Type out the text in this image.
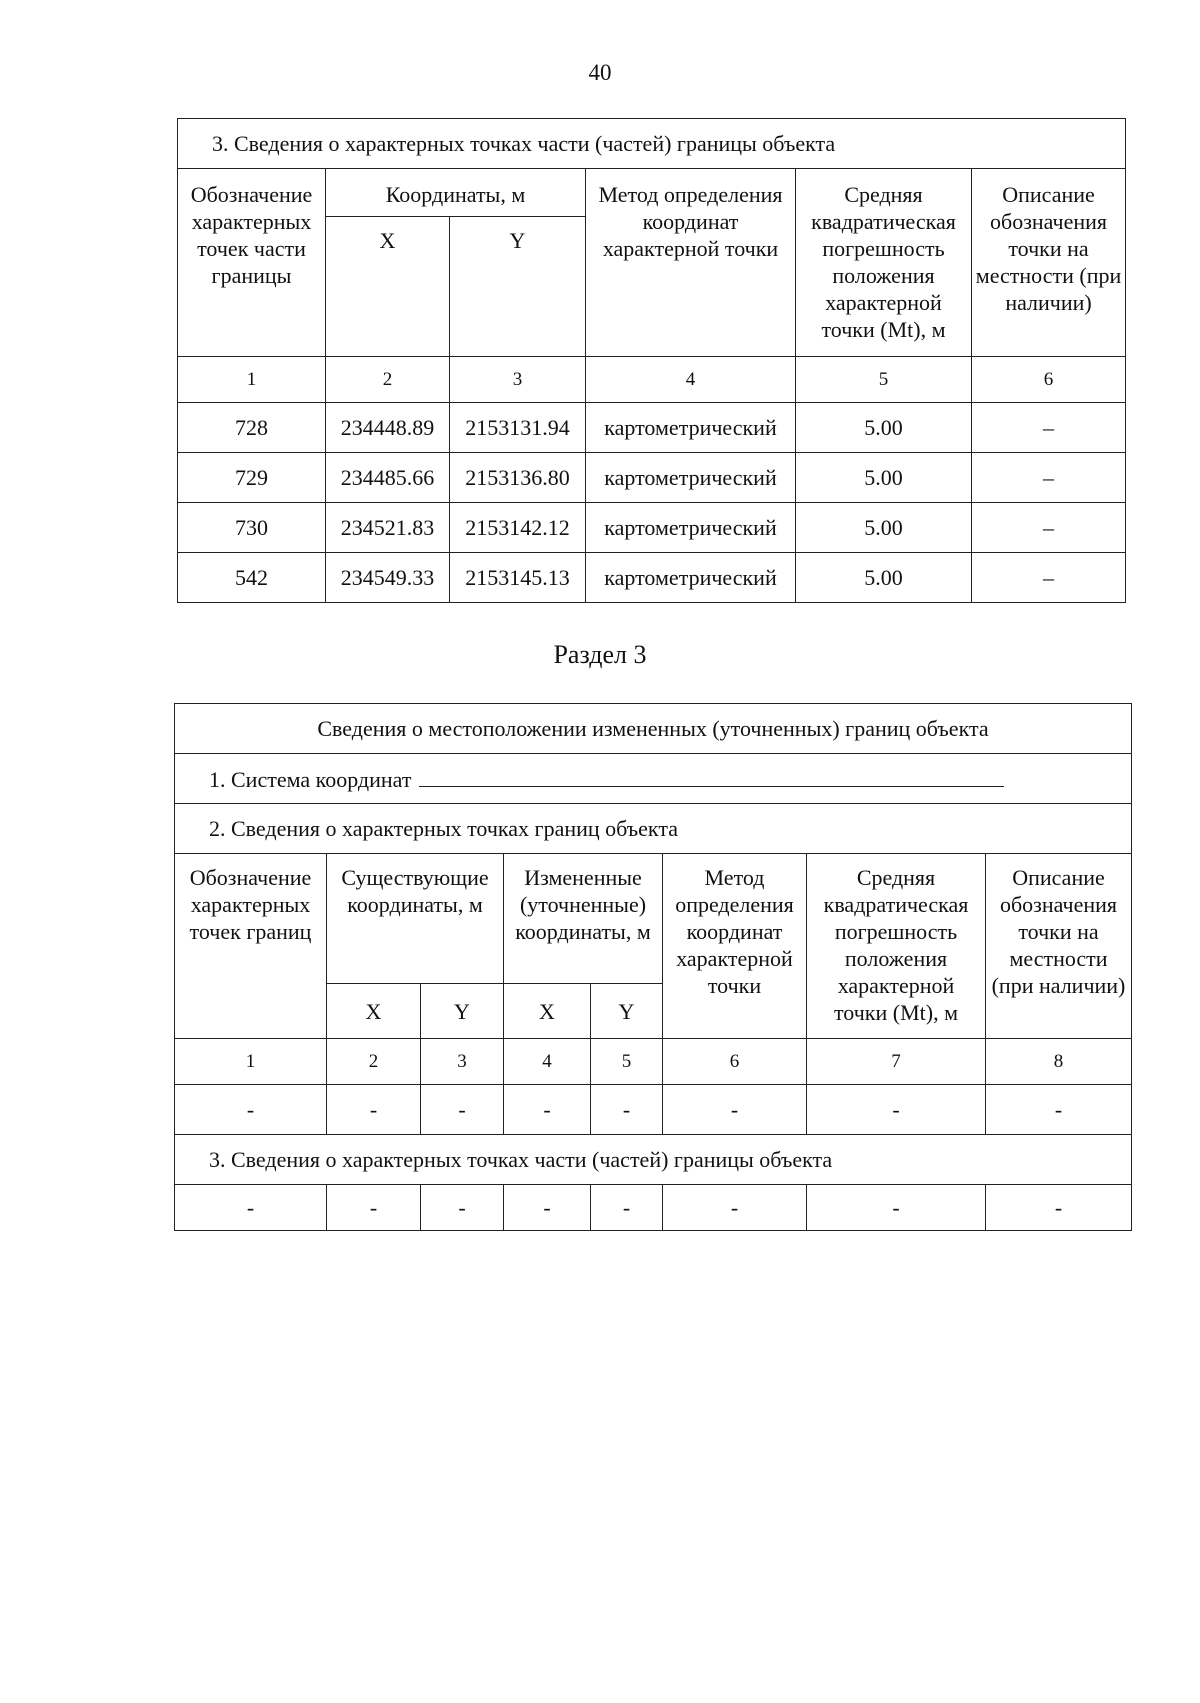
40
3. Сведения о характерных точках части (частей) границы объекта					
Обозначение характерных точек части границы	Координаты, м		Метод определения координат характерной точки	Средняя квадратическая погрешность положения характерной точки (Mt), м	Описание обозначения точки на местности (при наличии)
	X	Y			
1	2	3	4	5	6
728	234448.89	2153131.94	картометрический	5.00	–
729	234485.66	2153136.80	картометрический	5.00	–
730	234521.83	2153142.12	картометрический	5.00	–
542	234549.33	2153145.13	картометрический	5.00	–
Раздел 3
Сведения о местоположении измененных (уточненных) границ объекта							
1. Система координат							
2. Сведения о характерных точках границ объекта							
Обозначение характерных точек границ	Существующие координаты, м		Измененные (уточненные) координаты, м		Метод определения координат характерной точки	Средняя квадратическая погрешность положения характерной точки (Mt), м	Описание обозначения точки на местности (при наличии)
	X	Y	X	Y			
1	2	3	4	5	6	7	8
-	-	-	-	-	-	-	-
3. Сведения о характерных точках части (частей) границы объекта							
-	-	-	-	-	-	-	-
